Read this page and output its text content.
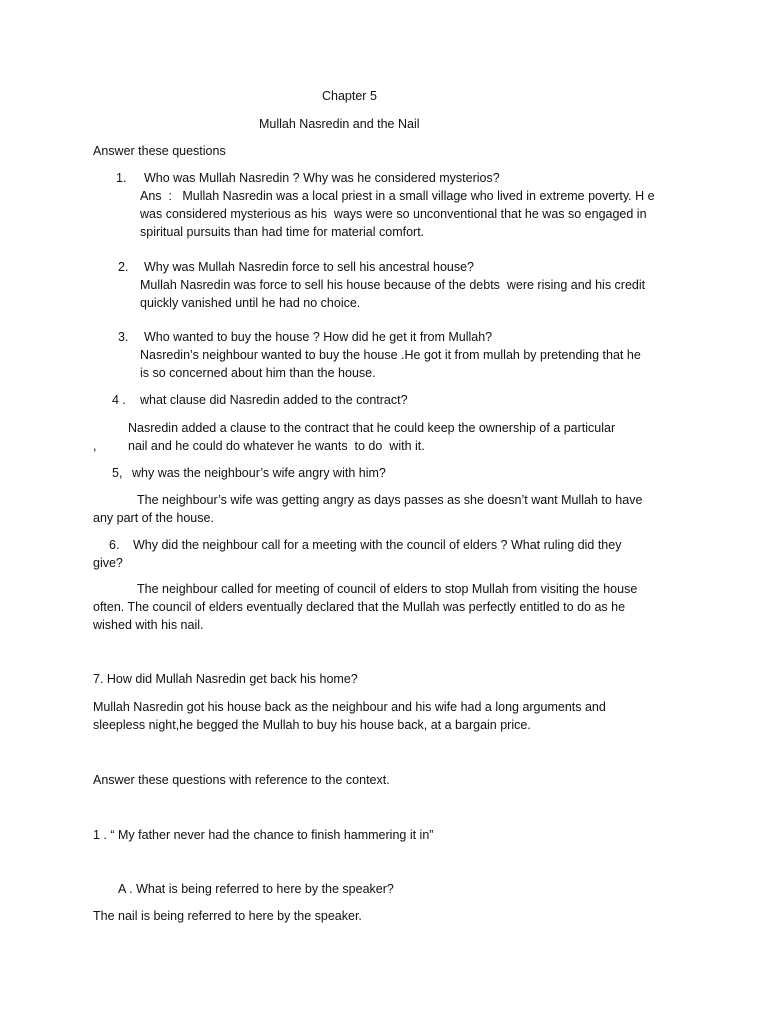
Chapter 5

Mullah Nasredin and the Nail

Answer these questions

1. Who was Mullah Nasredin ? Why was he considered mysterios?

Ans  :   Mullah Nasredin was a local priest in a small village who lived in extreme poverty. H e

was considered mysterious as his  ways were so unconventional that he was so engaged in

spiritual pursuits than had time for material comfort.

2. Why was Mullah Nasredin force to sell his ancestral house?

Mullah Nasredin was force to sell his house because of the debts  were rising and his credit

quickly vanished until he had no choice.

3. Who wanted to buy the house ? How did he get it from Mullah?

Nasredin’s neighbour wanted to buy the house .He got it from mullah by pretending that he

is so concerned about him than the house.

4 . what clause did Nasredin added to the contract?

Nasredin added a clause to the contract that he could keep the ownership of a particular

,	nail and he could do whatever he wants  to do  with it.

5, why was the neighbour’s wife angry with him?

The neighbour’s wife was getting angry as days passes as she doesn’t want Mullah to have

any part of the house.

6. Why did the neighbour call for a meeting with the council of elders ? What ruling did they

give?

The neighbour called for meeting of council of elders to stop Mullah from visiting the house

often. The council of elders eventually declared that the Mullah was perfectly entitled to do as he

wished with his nail.

7. How did Mullah Nasredin get back his home?

Mullah Nasredin got his house back as the neighbour and his wife had a long arguments and

sleepless night,he begged the Mullah to buy his house back, at a bargain price.

Answer these questions with reference to the context.

1 . “ My father never had the chance to finish hammering it in”

A . What is being referred to here by the speaker?

The nail is being referred to here by the speaker.
